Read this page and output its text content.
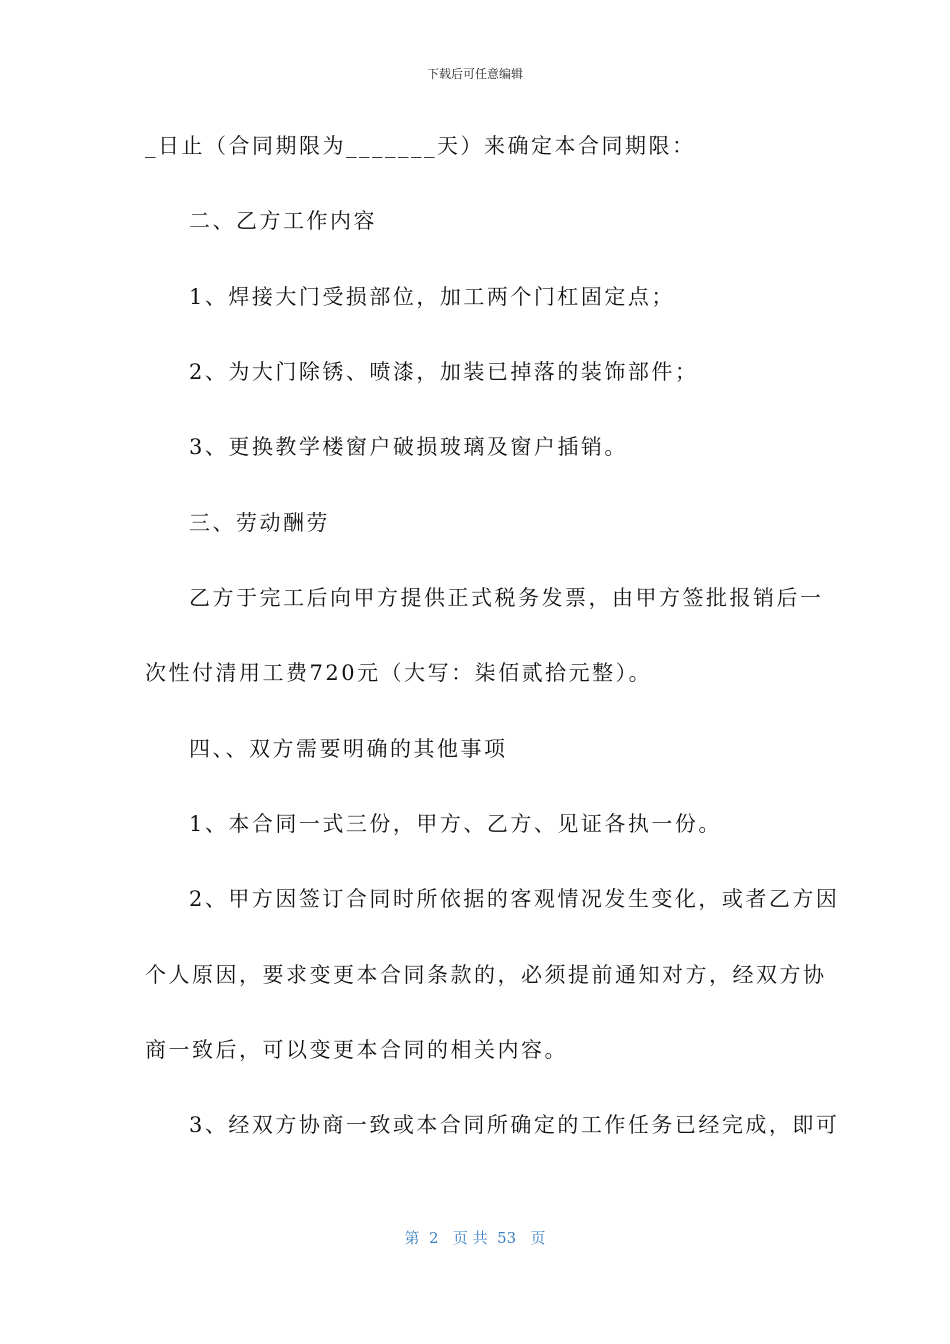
下载后可任意编辑
_日止（合同期限为_______天）来确定本合同期限：
二、乙方工作内容
1、焊接大门受损部位，加工两个门杠固定点；
2、为大门除锈、喷漆，加装已掉落的装饰部件；
3、更换教学楼窗户破损玻璃及窗户插销。
三、劳动酬劳
乙方于完工后向甲方提供正式税务发票，由甲方签批报销后一
次性付清用工费720元（大写：柒佰贰拾元整）。
四、、双方需要明确的其他事项
1、本合同一式三份，甲方、乙方、见证各执一份。
2、甲方因签订合同时所依据的客观情况发生变化，或者乙方因
个人原因，要求变更本合同条款的，必须提前通知对方，经双方协
商一致后，可以变更本合同的相关内容。
3、经双方协商一致或本合同所确定的工作任务已经完成，即可
第  2   页 共  53   页
